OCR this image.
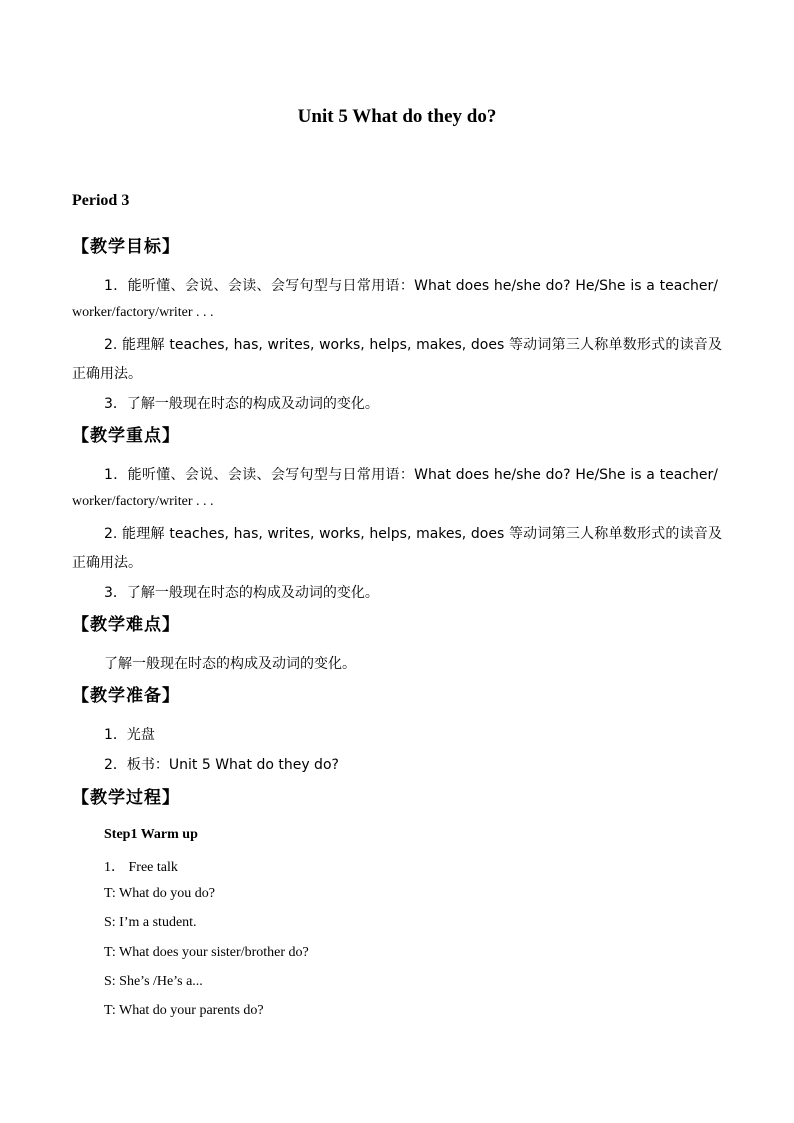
Unit 5 What do they do?
Period 3
【教学目标】
1．能听懂、会说、会读、会写句型与日常用语：What does he/she do? He/She is a teacher/
worker/factory/writer . . .
2. 能理解 teaches, has, writes, works, helps, makes, does 等动词第三人称单数形式的读音及
正确用法。
3．了解一般现在时态的构成及动词的变化。
【教学重点】
1．能听懂、会说、会读、会写句型与日常用语：What does he/she do? He/She is a teacher/
worker/factory/writer . . .
2. 能理解 teaches, has, writes, works, helps, makes, does 等动词第三人称单数形式的读音及
正确用法。
3．了解一般现在时态的构成及动词的变化。
【教学难点】
了解一般现在时态的构成及动词的变化。
【教学准备】
1．光盘
2．板书：Unit 5 What do they do?
【教学过程】
Step1 Warm up
1． Free talk
T: What do you do?
S: I’m a student.
T: What does your sister/brother do?
S: She’s /He’s a...
T: What do your parents do?
